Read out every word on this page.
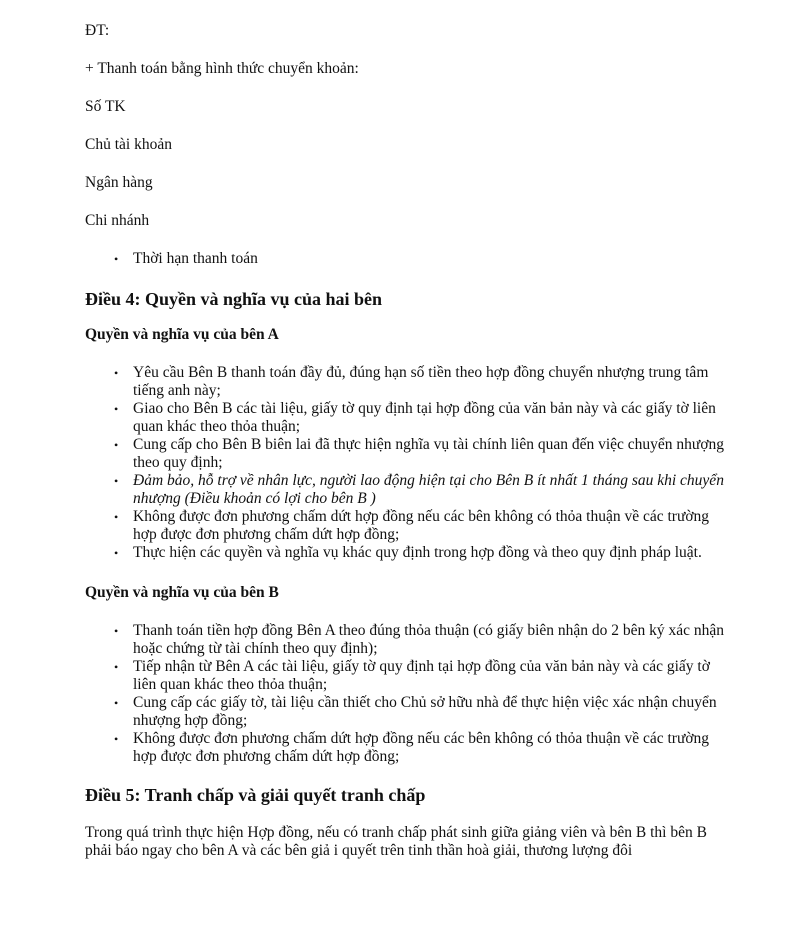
ĐT:

+ Thanh toán bằng hình thức chuyển khoản:

Số TK

Chủ tài khoản

Ngân hàng

Chi nhánh

• Thời hạn thanh toán
Điều 4: Quyền và nghĩa vụ của hai bên
Quyền và nghĩa vụ của bên A
• Yêu cầu Bên B thanh toán đầy đủ, đúng hạn số tiền theo hợp đồng chuyển nhượng trung tâm tiếng anh này;
• Giao cho Bên B các tài liệu, giấy tờ quy định tại hợp đồng của văn bản này và các giấy tờ liên quan khác theo thỏa thuận;
• Cung cấp cho Bên B biên lai đã thực hiện nghĩa vụ tài chính liên quan đến việc chuyển nhượng theo quy định;
• Đảm bảo, hỗ trợ về nhân lực, người lao động hiện tại cho Bên B ít nhất 1 tháng sau khi chuyển nhượng (Điều khoản có lợi cho bên B )
• Không được đơn phương chấm dứt hợp đồng nếu các bên không có thỏa thuận về các trường hợp được đơn phương chấm dứt hợp đồng;
• Thực hiện các quyền và nghĩa vụ khác quy định trong hợp đồng và theo quy định pháp luật.
Quyền và nghĩa vụ của bên B
• Thanh toán tiền hợp đồng Bên A theo đúng thỏa thuận (có giấy biên nhận do 2 bên ký xác nhận hoặc chứng từ tài chính theo quy định);
• Tiếp nhận từ Bên A các tài liệu, giấy tờ quy định tại hợp đồng của văn bản này và các giấy tờ liên quan khác theo thỏa thuận;
• Cung cấp các giấy tờ, tài liệu cần thiết cho Chủ sở hữu nhà để thực hiện việc xác nhận chuyển nhượng hợp đồng;
• Không được đơn phương chấm dứt hợp đồng nếu các bên không có thỏa thuận về các trường hợp được đơn phương chấm dứt hợp đồng;
Điều 5: Tranh chấp và giải quyết tranh chấp

Trong quá trình thực hiện Hợp đồng, nếu có tranh chấp phát sinh giữa giảng viên và bên B thì bên B phải báo ngay cho bên A và các bên giả i quyết trên tinh thần hoà giải, thương lượng đôi
